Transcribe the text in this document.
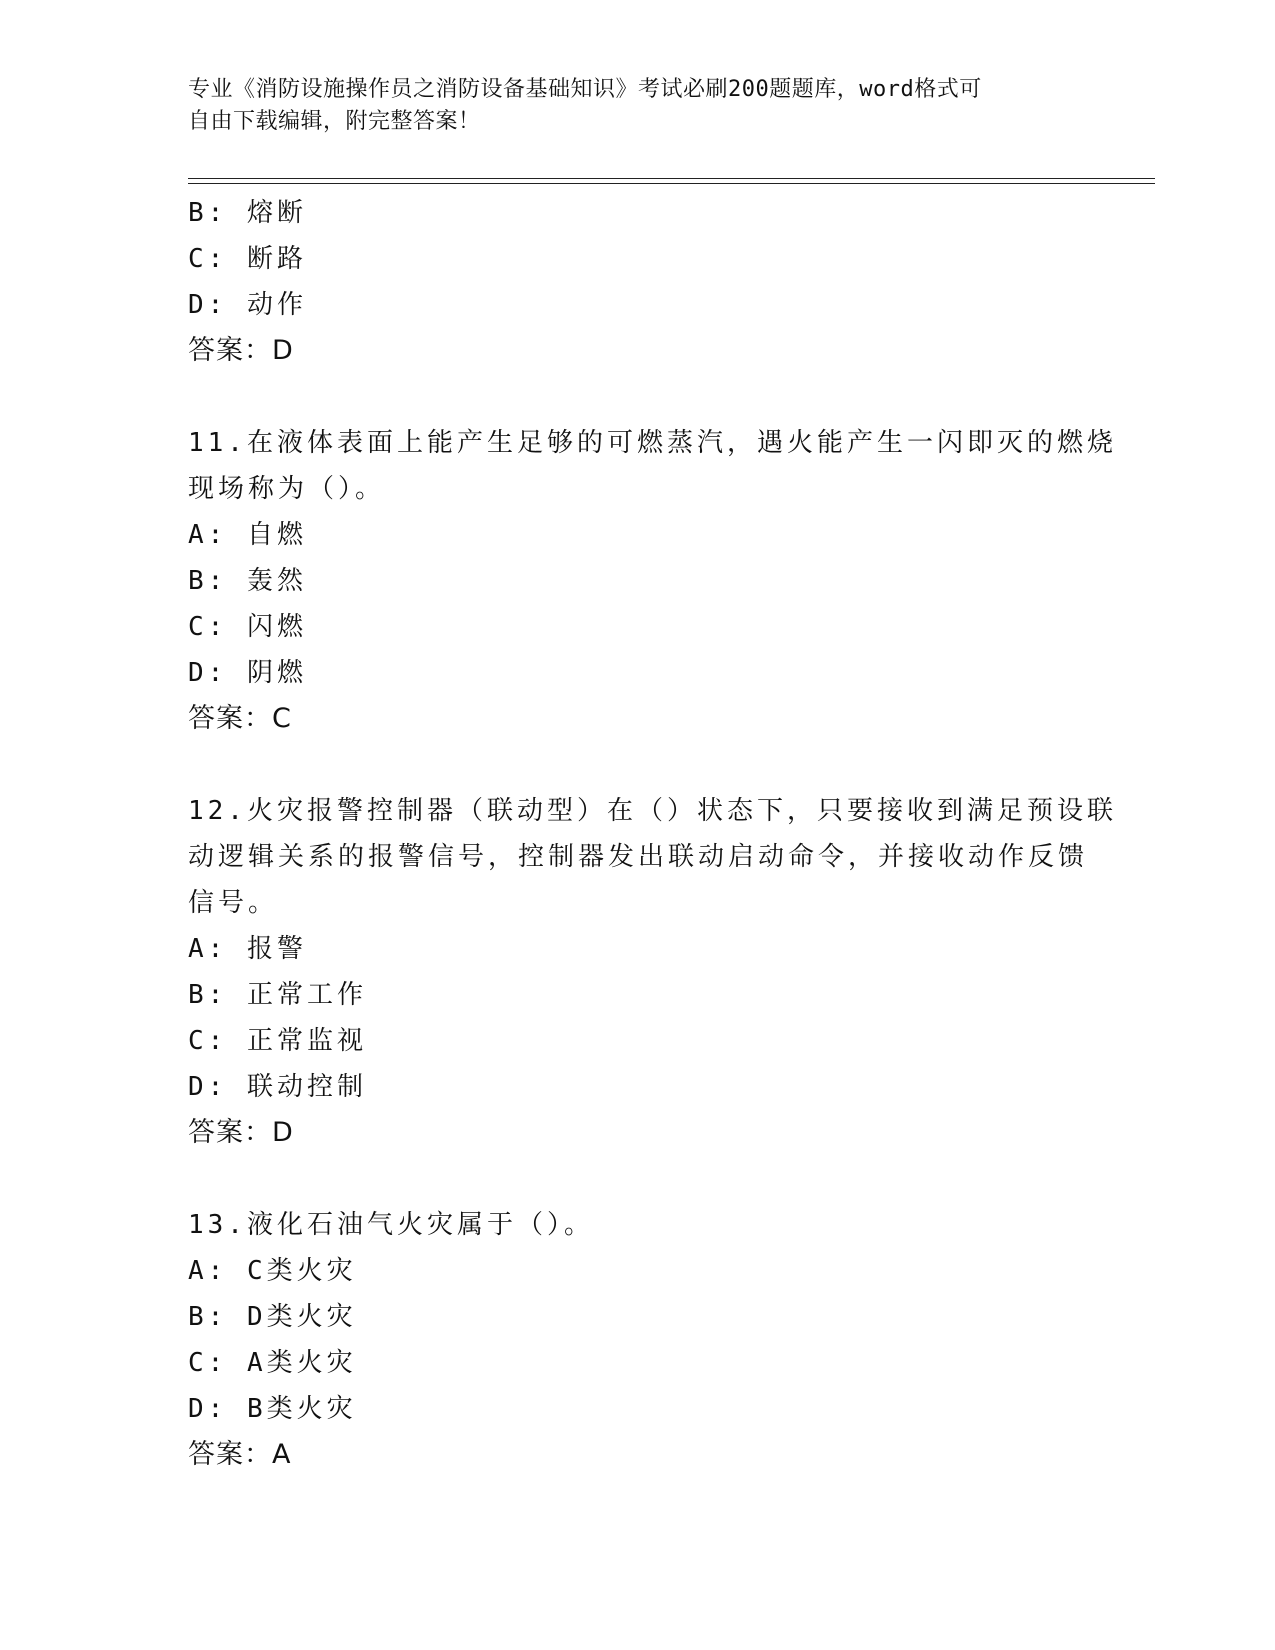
专业《消防设施操作员之消防设备基础知识》考试必刷200题题库，word格式可
自由下载编辑，附完整答案！
B: 熔断
C: 断路
D: 动作
答案：D
11.在液体表面上能产生足够的可燃蒸汽，遇火能产生一闪即灭的燃烧
现场称为（）。
A: 自燃
B: 轰然
C: 闪燃
D: 阴燃
答案：C
12.火灾报警控制器（联动型）在（）状态下，只要接收到满足预设联
动逻辑关系的报警信号，控制器发出联动启动命令，并接收动作反馈
信号。
A: 报警
B: 正常工作
C: 正常监视
D: 联动控制
答案：D
13.液化石油气火灾属于（）。
A: C类火灾
B: D类火灾
C: A类火灾
D: B类火灾
答案：A
